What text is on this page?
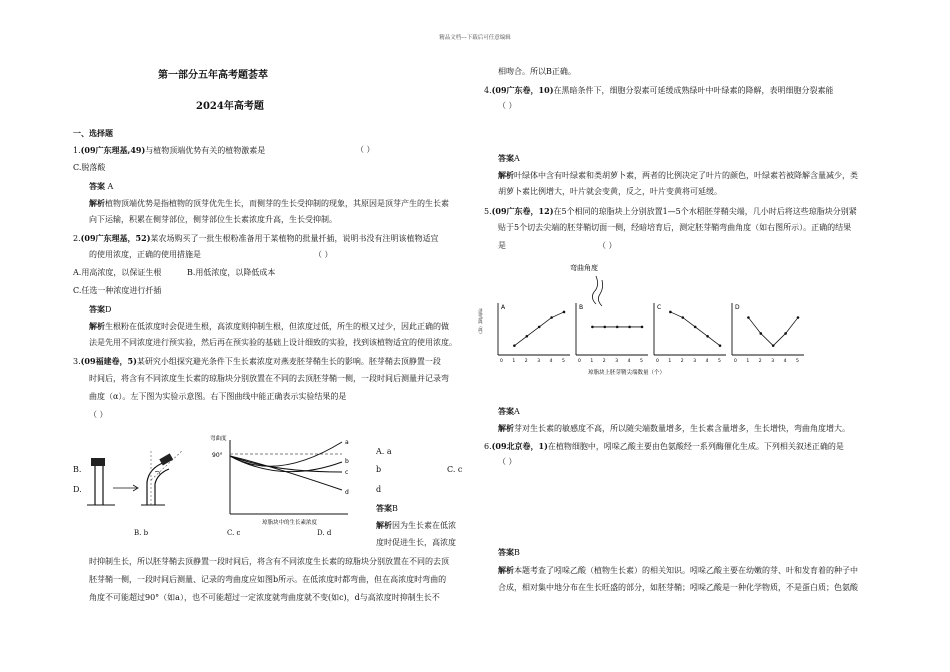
精品文档---下载后可任意编辑
第一部分五年高考题荟萃
2024年高考题
一、选择题
1.(09广东理基,49)与植物顶端优势有关的植物激素是	（ ）
C.脱落酸
答案 A
解析植物顶端优势是指植物的顶芽优先生长，而侧芽的生长受抑制的现象，其原因是顶芽产生的生长素
向下运输，积累在侧芽部位，侧芽部位生长素浓度升高，生长受抑制。
2.(09广东理基，52)某农场购买了一批生根粉准备用于某植物的批量扦插，说明书没有注明该植物适宜
的使用浓度，正确的使用措施是	（ ）
A.用高浓度，以保证生根	B.用低浓度，以降低成本
C.任选一种浓度进行扦插
答案D
解析生根粉在低浓度时会促进生根，高浓度则抑制生根，但浓度过低，所生的根又过少，因此正确的做
法是先用不同浓度进行预实验，然后再在预实验的基础上设计细致的实验，找到该植物适宜的使用浓度。
3.(09福建卷，5)某研究小组探究避光条件下生长素浓度对燕麦胚芽鞘生长的影响。胚芽鞘去顶静置一段
时间后，将含有不同浓度生长素的琼脂块分别放置在不同的去顶胚芽鞘一侧，一段时间后测量并记录弯
曲度（α）。左下图为实验示意图。右下图曲线中能正确表示实验结果的是
（ ）
B.
D.
B. b
弯曲度
90°
a
b
c
d
琼脂块中的生长素浓度
C. c	D. d
A. a
b	C. c
d
答案B
解析因为生长素在低浓
度时促进生长，高浓度
时抑制生长，所以胚芽鞘去顶静置一段时间后，将含有不同浓度生长素的琼脂块分别放置在不同的去顶
胚芽鞘一侧，一段时间后测量、记录的弯曲度应如图b所示。在低浓度时都弯曲，但在高浓度时弯曲的
角度不可能超过90°（如a），也不可能超过一定浓度就弯曲度就不变(如c)，d与高浓度时抑制生长不
相吻合。所以B正确。
4.(09广东卷，10)在黑暗条件下，细胞分裂素可延缓成熟绿叶中叶绿素的降解，表明细胞分裂素能
（ ）
答案A
解析叶绿体中含有叶绿素和类胡萝卜素，两者的比例决定了叶片的颜色，叶绿素若被降解含量减少，类
胡萝卜素比例增大，叶片就会变黄，反之，叶片变黄将可延缓。
5.(09广东卷，12)在5个相同的琼脂块上分别放置1—5个水稻胚芽鞘尖端，几小时后将这些琼脂块分别紧
贴于5个切去尖端的胚芽鞘切面一侧，经暗培育后，测定胚芽鞘弯曲角度（如右图所示）。正确的结果
是	（ ）
弯曲角度
弯曲角度（度）
A
0 1 2 3 4 5
B
0 1 2 3 4 5
C
0 1 2 3 4 5
D
0 1 2 3 4 5
琼脂块上胚芽鞘尖端数量（个）
答案A
解析芽对生长素的敏感度不高，所以随尖端数量增多，生长素含量增多，生长增快，弯曲角度增大。
6.(09北京卷，1)在植物细胞中，吲哚乙酸主要由色氨酸经一系列酶催化生成。下列相关叙述正确的是
（ ）
答案B
解析本题考查了吲哚乙酸（植物生长素）的相关知识。吲哚乙酸主要在幼嫩的芽、叶和发育着的种子中
合成，相对集中地分布在生长旺盛的部分，如胚芽鞘；吲哚乙酸是一种化学物质，不是蛋白质；色氨酸
